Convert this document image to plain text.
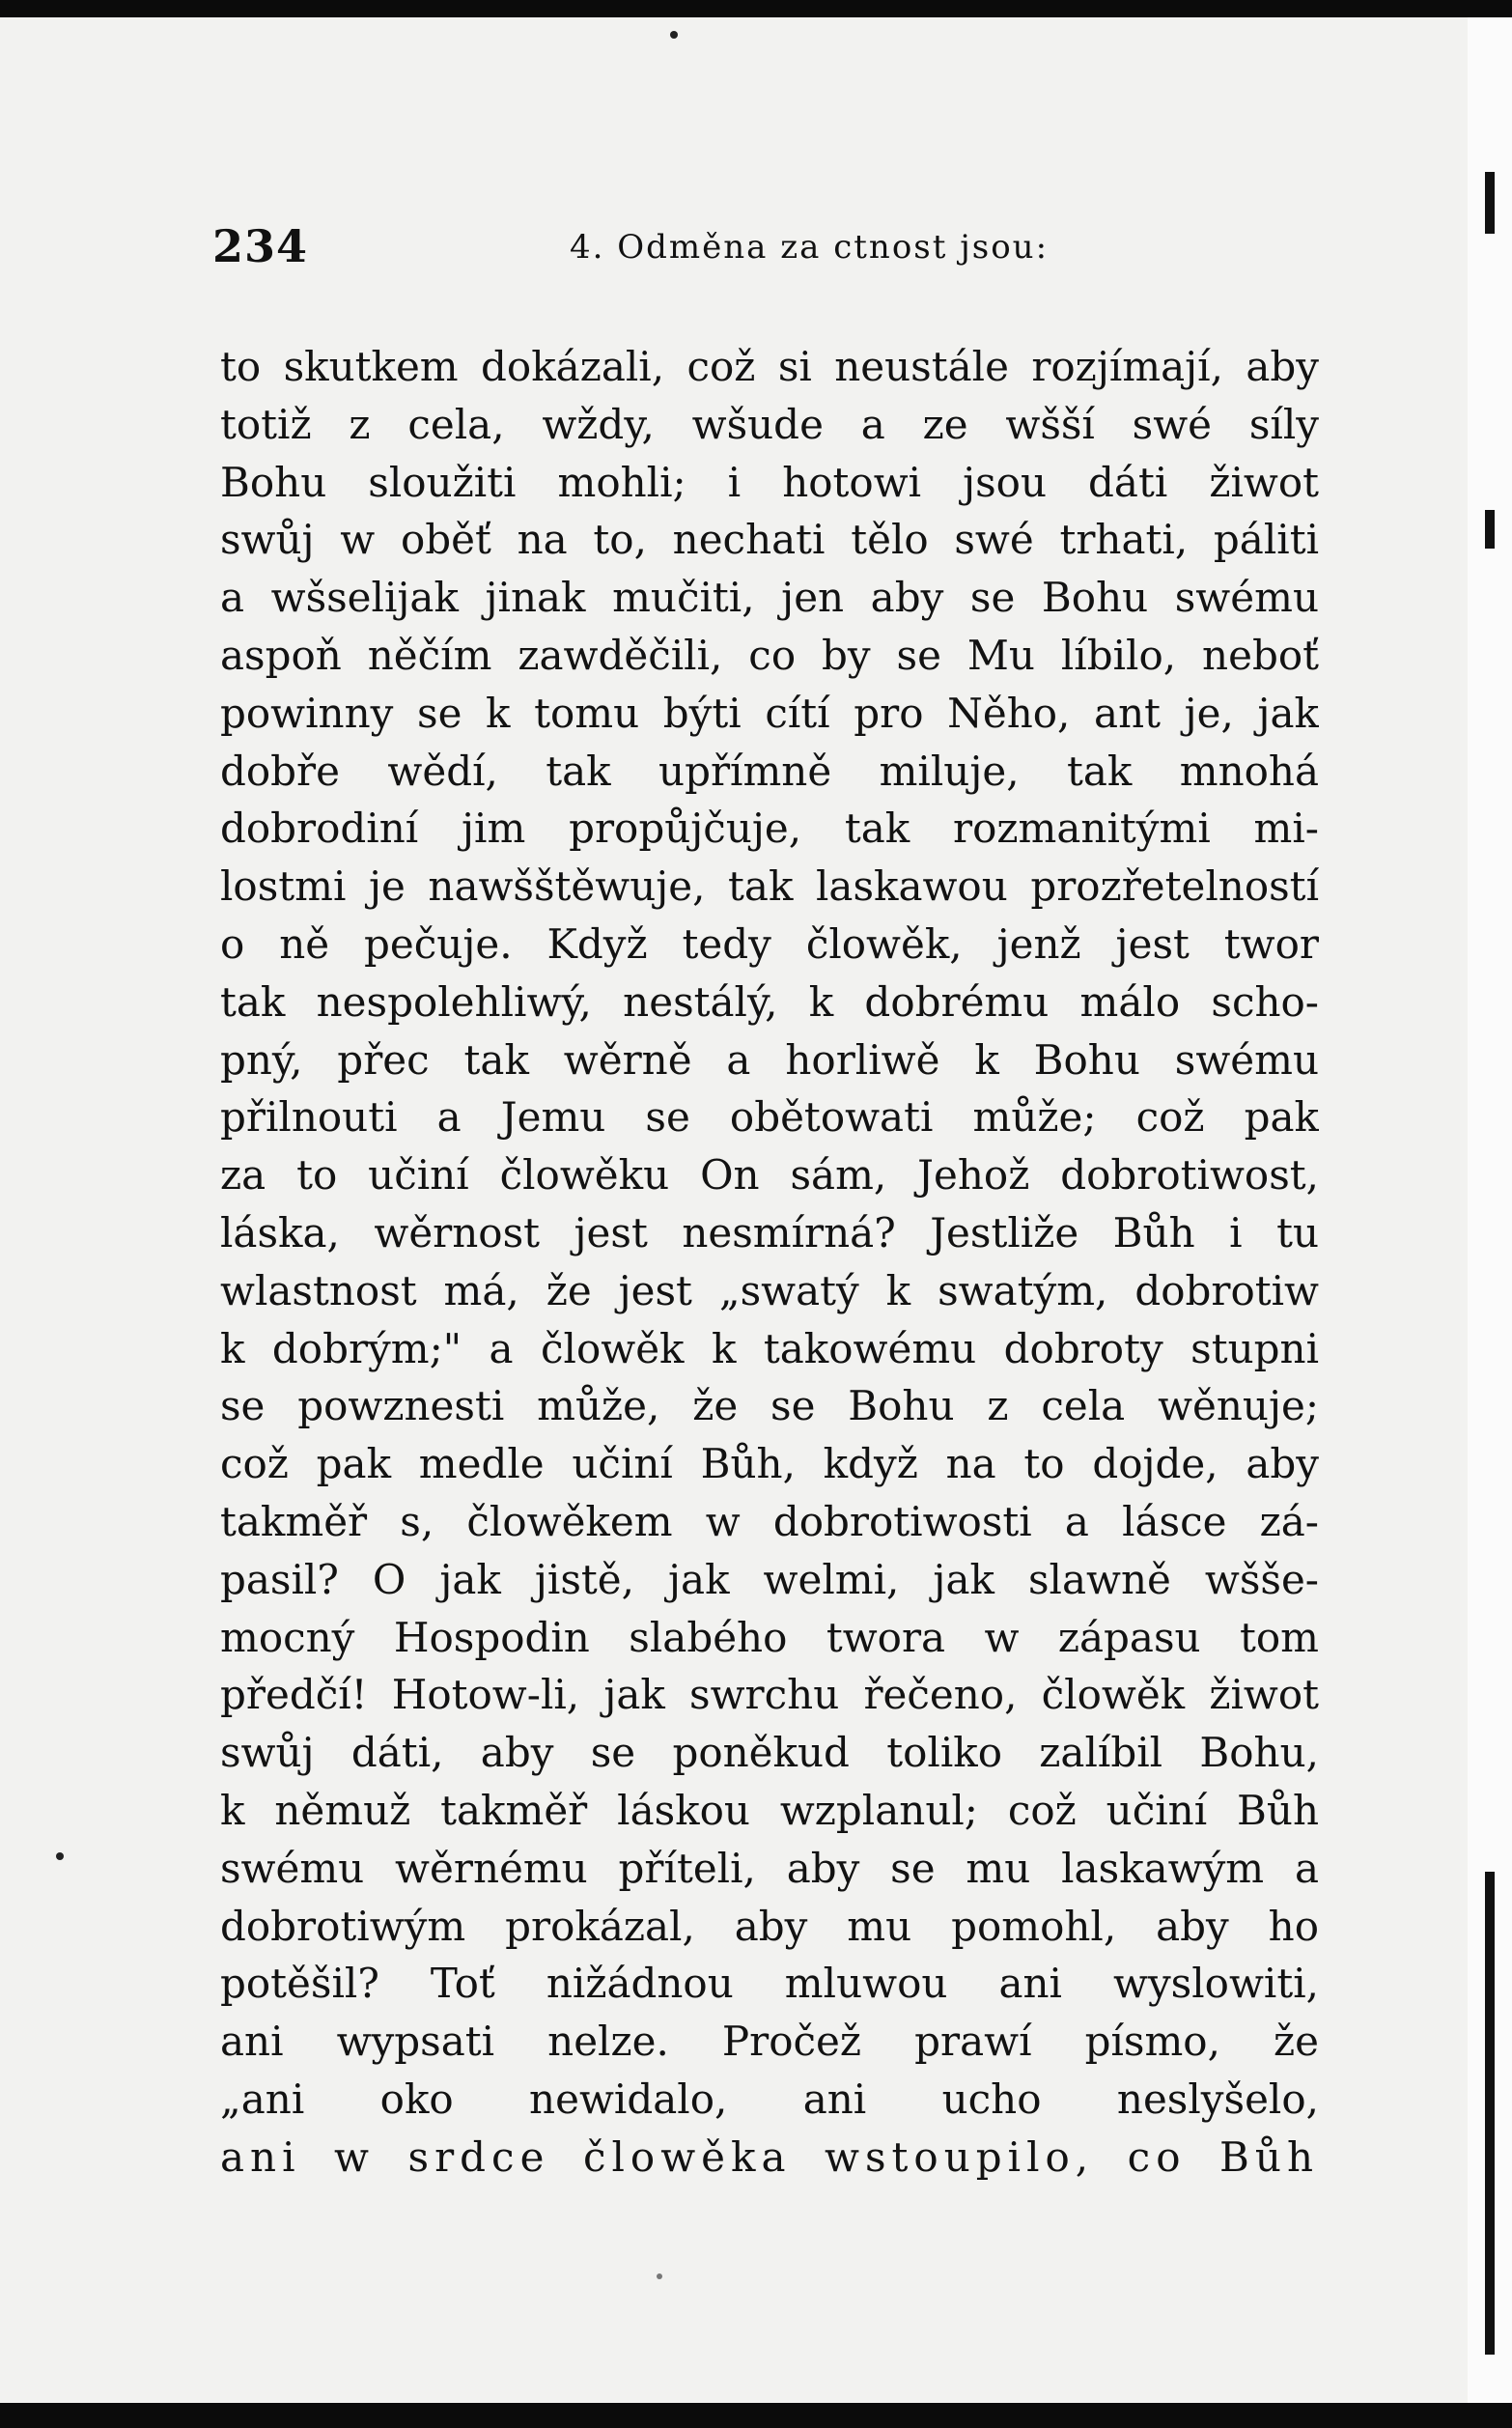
234	4. Odměna za ctnost jsou:
to skutkem dokázali, což si neustále rozjímají, aby
totiž z cela, wždy, wšude a ze wšší swé síly
Bohu sloužiti mohli; i hotowi jsou dáti žiwot
swůj w oběť na to, nechati tělo swé trhati, páliti
a wšselijak jinak mučiti, jen aby se Bohu swému
aspoň něčím zawděčili, co by se Mu líbilo, neboť
powinny se k tomu býti cítí pro Něho, ant je, jak
dobře wědí, tak upřímně miluje, tak mnohá
dobrodiní jim propůjčuje, tak rozmanitými mi-
lostmi je nawšštěwuje, tak laskawou prozřetelností
o ně pečuje. Když tedy člowěk, jenž jest twor
tak nespolehliwý, nestálý, k dobrému málo scho-
pný, přec tak wěrně a horliwě k Bohu swému
přilnouti a Jemu se obětowati může; což pak
za to učiní člowěku On sám, Jehož dobrotiwost,
láska, wěrnost jest nesmírná? Jestliže Bůh i tu
wlastnost má, že jest „swatý k swatým, dobrotiw
k dobrým;" a člowěk k takowému dobroty stupni
se powznesti může, že se Bohu z cela wěnuje;
což pak medle učiní Bůh, když na to dojde, aby
takměř s, člowěkem w dobrotiwosti a lásce zá-
pasil? O jak jistě, jak welmi, jak slawně wšše-
mocný Hospodin slabého twora w zápasu tom
předčí! Hotow-li, jak swrchu řečeno, člowěk žiwot
swůj dáti, aby se poněkud toliko zalíbil Bohu,
k němuž takměř láskou wzplanul; což učiní Bůh
swému wěrnému příteli, aby se mu laskawým a
dobrotiwým prokázal, aby mu pomohl, aby ho
potěšil? Toť nižádnou mluwou ani wyslowiti,
ani wypsati nelze. Pročež prawí písmo, že
„ani oko newidalo, ani ucho neslyšelo,
ani w srdce člowěka wstoupilo, co Bůh
